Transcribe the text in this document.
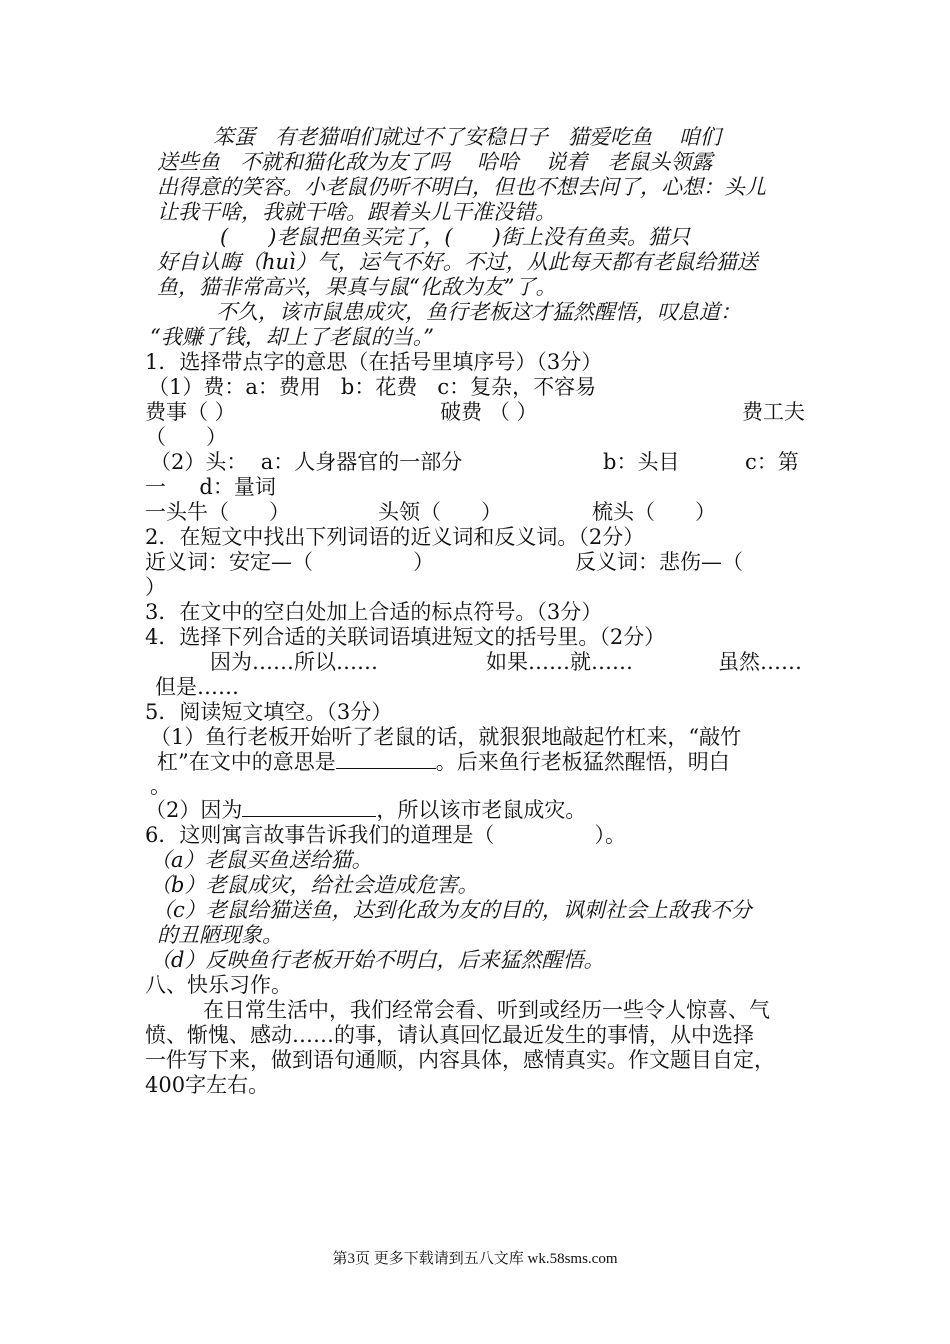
笨蛋   有老猫咱们就过不了安稳日子   猫爱吃鱼    咱们
送些鱼   不就和猫化敌为友了吗    哈哈    说着   老鼠头领露
出得意的笑容。小老鼠仍听不明白，但也不想去问了，心想：头儿
让我干啥，我就干啥。跟着头儿干准没错。
(      )老鼠把鱼买完了，(      )街上没有鱼卖。猫只
好自认晦（huì）气，运气不好。不过，从此每天都有老鼠给猫送
鱼，猫非常高兴，果真与鼠“化敌为友”了。
不久，该市鼠患成灾，鱼行老板这才猛然醒悟，叹息道：
“我赚了钱，却上了老鼠的当。”
1．选择带点字的意思（在括号里填序号）（3分）
（1）费：a：费用   b：花费   c：复杂，不容易
费事（ ）	破费 （ ）	费工夫
（      ）
（2）头：  a：人身器官的一部分	b：头目	c：第
一     d：量词
一头牛（      ）	头领（      ）	梳头（      ）
2．在短文中找出下列词语的近义词和反义词。（2分）
近义词：安定—（               ）	反义词：悲伤—（
）
3．在文中的空白处加上合适的标点符号。（3分）
4．选择下列合适的关联词语填进短文的括号里。（2分）
因为……所以……	如果……就……	虽然……
但是……
5．阅读短文填空。（3分）
（1）鱼行老板开始听了老鼠的话，就狠狠地敲起竹杠来，“敲竹
杠”在文中的意思是	。后来鱼行老板猛然醒悟，明白
。
（2）因为	，所以该市老鼠成灾。
6．这则寓言故事告诉我们的道理是（               ）。
（a）老鼠买鱼送给猫。
（b）老鼠成灾，给社会造成危害。
（c）老鼠给猫送鱼，达到化敌为友的目的，讽刺社会上敌我不分
的丑陋现象。
（d）反映鱼行老板开始不明白，后来猛然醒悟。
八、快乐习作。
在日常生活中，我们经常会看、听到或经历一些令人惊喜、气
愤、惭愧、感动……的事，请认真回忆最近发生的事情，从中选择
一件写下来，做到语句通顺，内容具体，感情真实。作文题目自定，
400字左右。
第3页 更多下载请到五八文库 wk.58sms.com
